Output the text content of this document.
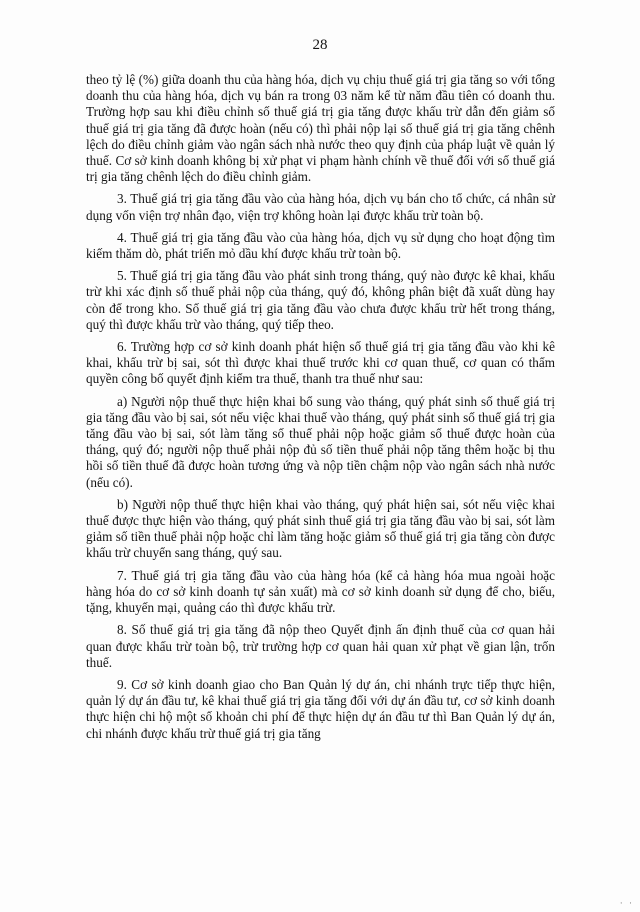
28

theo tỷ lệ (%) giữa doanh thu của hàng hóa, dịch vụ chịu thuế giá trị gia tăng so với tổng doanh thu của hàng hóa, dịch vụ bán ra trong 03 năm kể từ năm đầu tiên có doanh thu. Trường hợp sau khi điều chỉnh số thuế giá trị gia tăng được khấu trừ dẫn đến giảm số thuế giá trị gia tăng đã được hoàn (nếu có) thì phải nộp lại số thuế giá trị gia tăng chênh lệch do điều chỉnh giảm vào ngân sách nhà nước theo quy định của pháp luật về quản lý thuế. Cơ sở kinh doanh không bị xử phạt vi phạm hành chính về thuế đối với số thuế giá trị gia tăng chênh lệch do điều chỉnh giảm.

3. Thuế giá trị gia tăng đầu vào của hàng hóa, dịch vụ bán cho tổ chức, cá nhân sử dụng vốn viện trợ nhân đạo, viện trợ không hoàn lại được khấu trừ toàn bộ.

4. Thuế giá trị gia tăng đầu vào của hàng hóa, dịch vụ sử dụng cho hoạt động tìm kiếm thăm dò, phát triển mỏ dầu khí được khấu trừ toàn bộ.

5. Thuế giá trị gia tăng đầu vào phát sinh trong tháng, quý nào được kê khai, khấu trừ khi xác định số thuế phải nộp của tháng, quý đó, không phân biệt đã xuất dùng hay còn để trong kho. Số thuế giá trị gia tăng đầu vào chưa được khấu trừ hết trong tháng, quý thì được khấu trừ vào tháng, quý tiếp theo.

6. Trường hợp cơ sở kinh doanh phát hiện số thuế giá trị gia tăng đầu vào khi kê khai, khấu trừ bị sai, sót thì được khai thuế trước khi cơ quan thuế, cơ quan có thẩm quyền công bố quyết định kiểm tra thuế, thanh tra thuế như sau:

a) Người nộp thuế thực hiện khai bổ sung vào tháng, quý phát sinh số thuế giá trị gia tăng đầu vào bị sai, sót nếu việc khai thuế vào tháng, quý phát sinh số thuế giá trị gia tăng đầu vào bị sai, sót làm tăng số thuế phải nộp hoặc giảm số thuế được hoàn của tháng, quý đó; người nộp thuế phải nộp đủ số tiền thuế phải nộp tăng thêm hoặc bị thu hồi số tiền thuế đã được hoàn tương ứng và nộp tiền chậm nộp vào ngân sách nhà nước (nếu có).

b) Người nộp thuế thực hiện khai vào tháng, quý phát hiện sai, sót nếu việc khai thuế được thực hiện vào tháng, quý phát sinh thuế giá trị gia tăng đầu vào bị sai, sót làm giảm số tiền thuế phải nộp hoặc chỉ làm tăng hoặc giảm số thuế giá trị gia tăng còn được khấu trừ chuyển sang tháng, quý sau.

7. Thuế giá trị gia tăng đầu vào của hàng hóa (kể cả hàng hóa mua ngoài hoặc hàng hóa do cơ sở kinh doanh tự sản xuất) mà cơ sở kinh doanh sử dụng để cho, biếu, tặng, khuyến mại, quảng cáo thì được khấu trừ.

8. Số thuế giá trị gia tăng đã nộp theo Quyết định ấn định thuế của cơ quan hải quan được khấu trừ toàn bộ, trừ trường hợp cơ quan hải quan xử phạt về gian lận, trốn thuế.

9. Cơ sở kinh doanh giao cho Ban Quản lý dự án, chi nhánh trực tiếp thực hiện, quản lý dự án đầu tư, kê khai thuế giá trị gia tăng đối với dự án đầu tư, cơ sở kinh doanh thực hiện chi hộ một số khoản chi phí để thực hiện dự án đầu tư thì Ban Quản lý dự án, chi nhánh được khấu trừ thuế giá trị gia tăng

· ·
